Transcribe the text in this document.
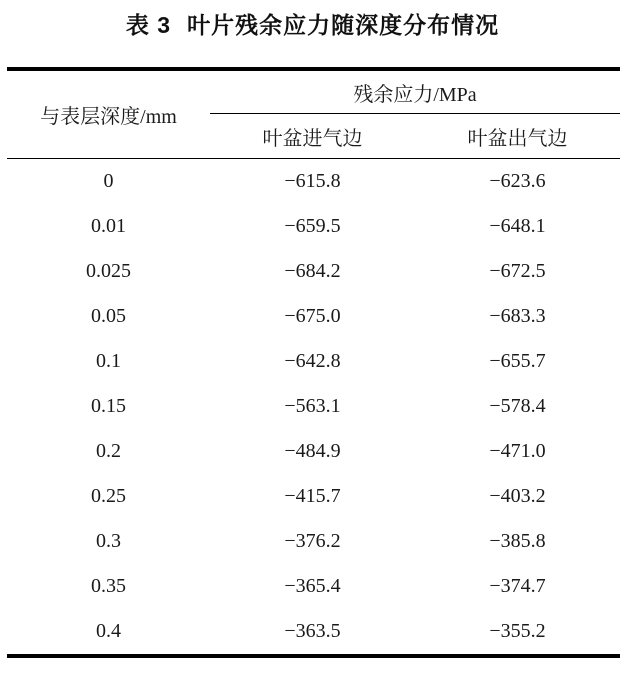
表 3 叶片残余应力随深度分布情况
与表层深度/mm	残余应力/MPa	
	叶盆进气边	叶盆出气边
0	−615.8	−623.6
0.01	−659.5	−648.1
0.025	−684.2	−672.5
0.05	−675.0	−683.3
0.1	−642.8	−655.7
0.15	−563.1	−578.4
0.2	−484.9	−471.0
0.25	−415.7	−403.2
0.3	−376.2	−385.8
0.35	−365.4	−374.7
0.4	−363.5	−355.2
